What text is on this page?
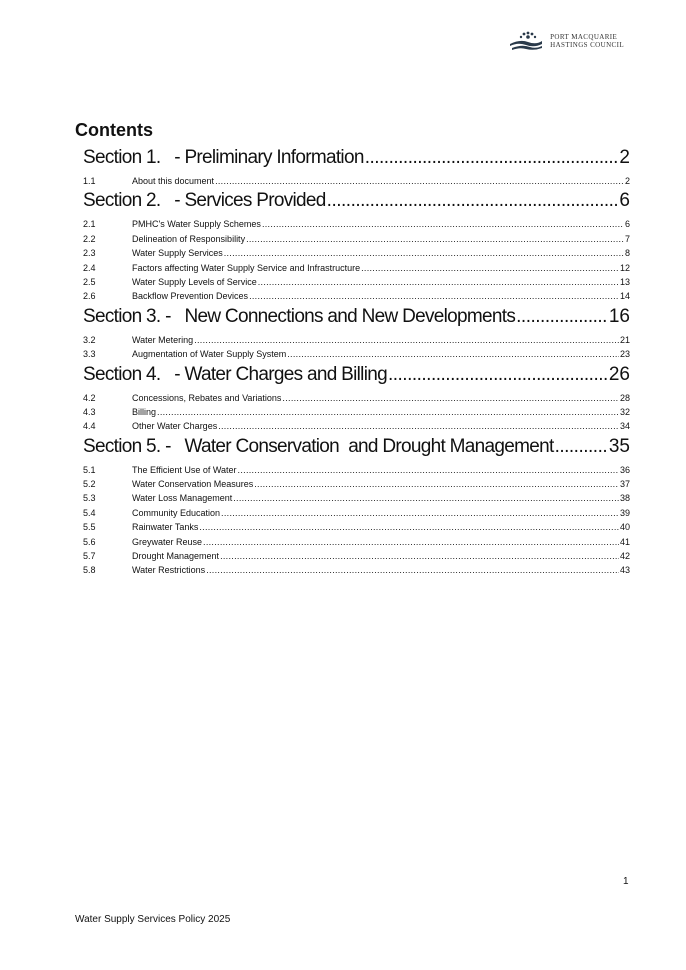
PORT MACQUARIE
HASTINGS COUNCIL
Contents
Section 1.   - Preliminary Information .....	2
1.1	About this document .....	2
Section 2.   - Services Provided .....	6
2.1	PMHC's Water Supply Schemes .....	6
2.2	Delineation of Responsibility .....	7
2.3	Water Supply Services .....	8
2.4	Factors affecting Water Supply Service and Infrastructure .....	12
2.5	Water Supply Levels of Service .....	13
2.6	Backflow Prevention Devices .....	14
Section 3. -   New Connections and New Developments .....	16
3.2	Water Metering .....	21
3.3	Augmentation of Water Supply System .....	23
Section 4.   - Water Charges and Billing .....	26
4.2	Concessions, Rebates and Variations .....	28
4.3	Billing .....	32
4.4	Other Water Charges .....	34
Section 5. -   Water Conservation  and Drought Management .....	35
5.1	The Efficient Use of Water .....	36
5.2	Water Conservation Measures .....	37
5.3	Water Loss Management .....	38
5.4	Community Education .....	39
5.5	Rainwater Tanks .....	40
5.6	Greywater Reuse .....	41
5.7	Drought Management .....	42
5.8	Water Restrictions .....	43
1
Water Supply Services Policy 2025
